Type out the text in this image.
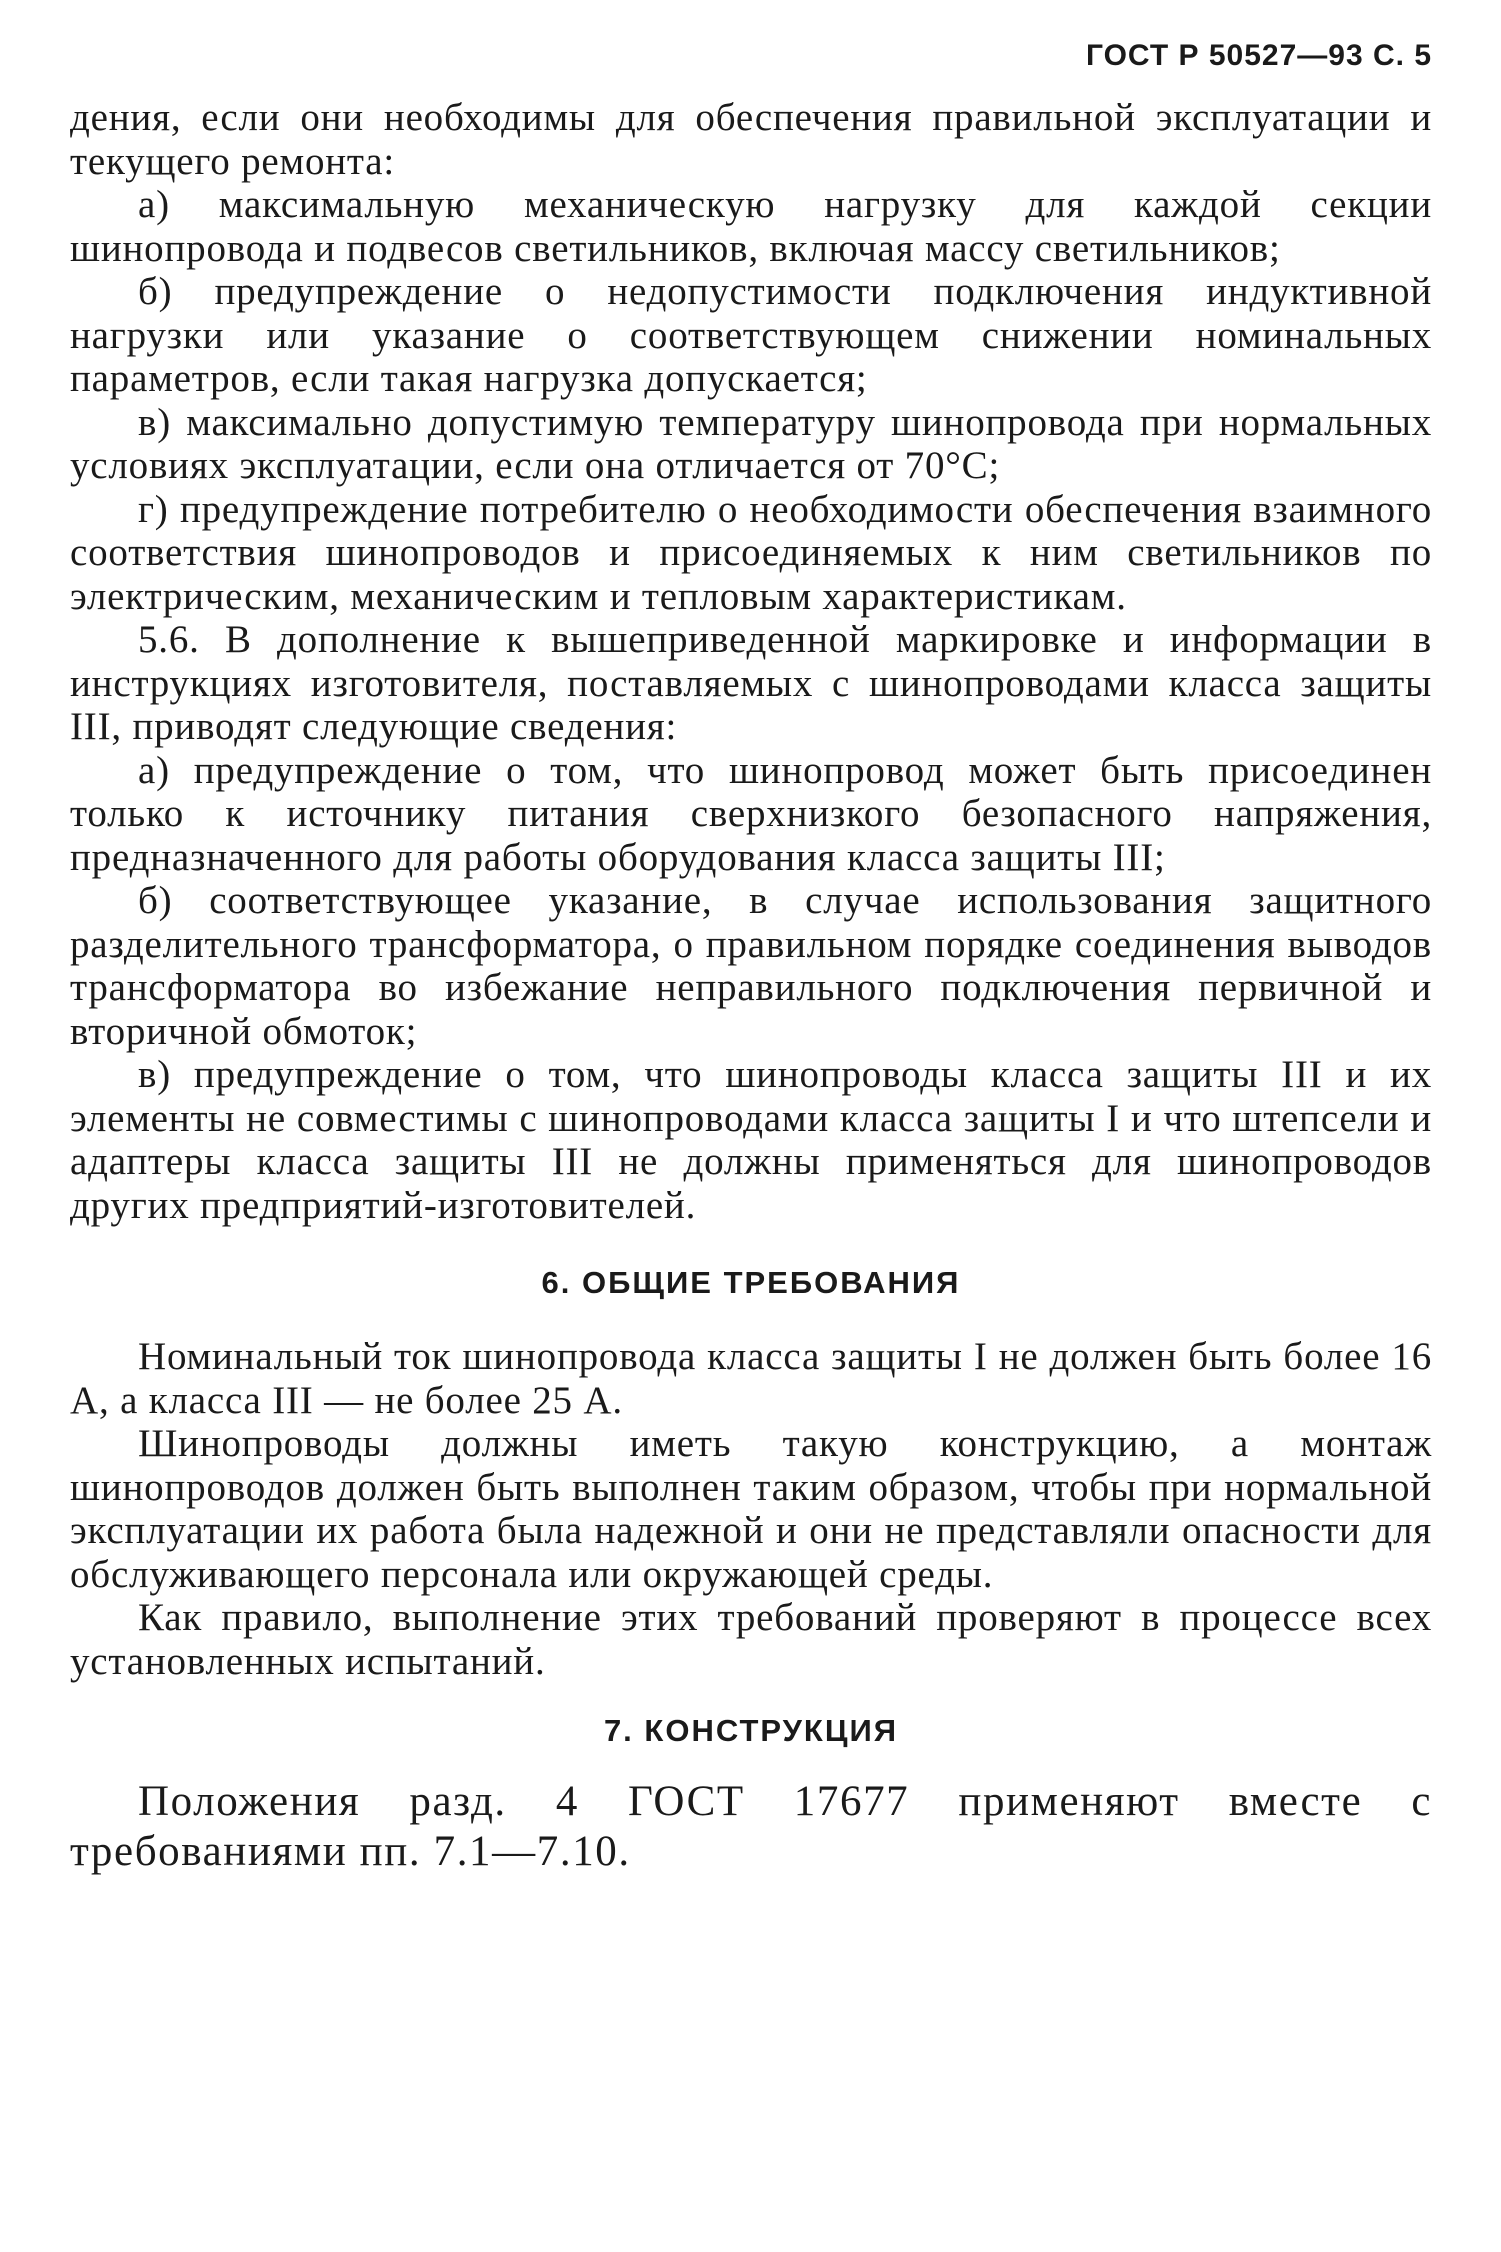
ГОСТ Р 50527—93 С. 5

дения, если они необходимы для обеспечения правильной эксплуатации и текущего ремонта:

а) максимальную механическую нагрузку для каждой секции шинопровода и подвесов светильников, включая массу светильников;

б) предупреждение о недопустимости подключения индуктивной нагрузки или указание о соответствующем снижении номинальных параметров, если такая нагрузка допускается;

в) максимально допустимую температуру шинопровода при нормальных условиях эксплуатации, если она отличается от 70°С;

г) предупреждение потребителю о необходимости обеспечения взаимного соответствия шинопроводов и присоединяемых к ним светильников по электрическим, механическим и тепловым характеристикам.

5.6. В дополнение к вышеприведенной маркировке и информации в инструкциях изготовителя, поставляемых с шинопроводами класса защиты III, приводят следующие сведения:

а) предупреждение о том, что шинопровод может быть присоединен только к источнику питания сверхнизкого безопасного напряжения, предназначенного для работы оборудования класса защиты III;

б) соответствующее указание, в случае использования защитного разделительного трансформатора, о правильном порядке соединения выводов трансформатора во избежание неправильного подключения первичной и вторичной обмоток;

в) предупреждение о том, что шинопроводы класса защиты III и их элементы не совместимы с шинопроводами класса защиты I и что штепсели и адаптеры класса защиты III не должны применяться для шинопроводов других предприятий-изготовителей.

6. ОБЩИЕ ТРЕБОВАНИЯ

Номинальный ток шинопровода класса защиты I не должен быть более 16 А, а класса III — не более 25 А.

Шинопроводы должны иметь такую конструкцию, а монтаж шинопроводов должен быть выполнен таким образом, чтобы при нормальной эксплуатации их работа была надежной и они не представляли опасности для обслуживающего персонала или окружающей среды.

Как правило, выполнение этих требований проверяют в процессе всех установленных испытаний.

7. КОНСТРУКЦИЯ

Положения разд. 4 ГОСТ 17677 применяют вместе с требованиями пп. 7.1—7.10.
